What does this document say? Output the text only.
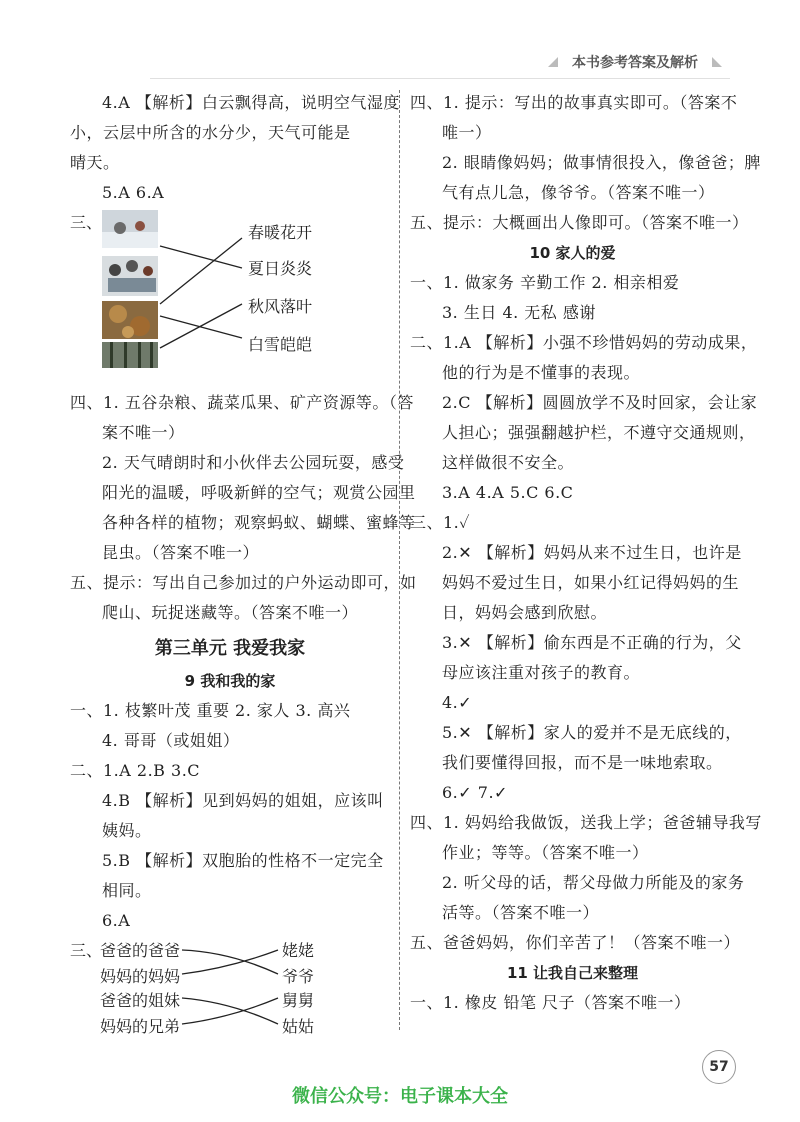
本书参考答案及解析
4.A 【解析】白云飘得高，说明空气湿度
小，云层中所含的水分少，天气可能是
晴天。
5.A 6.A
四、1. 五谷杂粮、蔬菜瓜果、矿产资源等。（答
案不唯一）
2. 天气晴朗时和小伙伴去公园玩耍，感受
阳光的温暖，呼吸新鲜的空气；观赏公园里
各种各样的植物；观察蚂蚁、蝴蝶、蜜蜂等
昆虫。（答案不唯一）
五、提示：写出自己参加过的户外运动即可，如
爬山、玩捉迷藏等。（答案不唯一）
第三单元 我爱我家
9 我和我的家
一、1. 枝繁叶茂 重要 2. 家人 3. 高兴
4. 哥哥（或姐姐）
二、1.A 2.B 3.C
4.B 【解析】见到妈妈的姐姐，应该叫
姨妈。
5.B 【解析】双胞胎的性格不一定完全
相同。
6.A
三、
春暖花开
夏日炎炎
秋风落叶
白雪皑皑
三、
爸爸的爸爸
妈妈的妈妈
爸爸的姐妹
妈妈的兄弟
姥姥
爷爷
舅舅
姑姑
四、1. 提示：写出的故事真实即可。（答案不
唯一）
2. 眼睛像妈妈；做事情很投入，像爸爸；脾
气有点儿急，像爷爷。（答案不唯一）
五、提示：大概画出人像即可。（答案不唯一）
10 家人的爱
一、1. 做家务 辛勤工作 2. 相亲相爱
3. 生日 4. 无私 感谢
二、1.A 【解析】小强不珍惜妈妈的劳动成果，
他的行为是不懂事的表现。
2.C 【解析】圆圆放学不及时回家，会让家
人担心；强强翻越护栏，不遵守交通规则，
这样做很不安全。
3.A 4.A 5.C 6.C
三、1.✓
2.✕ 【解析】妈妈从来不过生日，也许是
妈妈不爱过生日，如果小红记得妈妈的生
日，妈妈会感到欣慰。
3.✕ 【解析】偷东西是不正确的行为，父
母应该注重对孩子的教育。
4.✓
5.✕ 【解析】家人的爱并不是无底线的，
我们要懂得回报，而不是一味地索取。
6.✓ 7.✓
四、1. 妈妈给我做饭，送我上学；爸爸辅导我写
作业；等等。（答案不唯一）
2. 听父母的话，帮父母做力所能及的家务
活等。（答案不唯一）
五、爸爸妈妈，你们辛苦了！（答案不唯一）
11 让我自己来整理
一、1. 橡皮 铅笔 尺子（答案不唯一）
57
微信公众号：电子课本大全
